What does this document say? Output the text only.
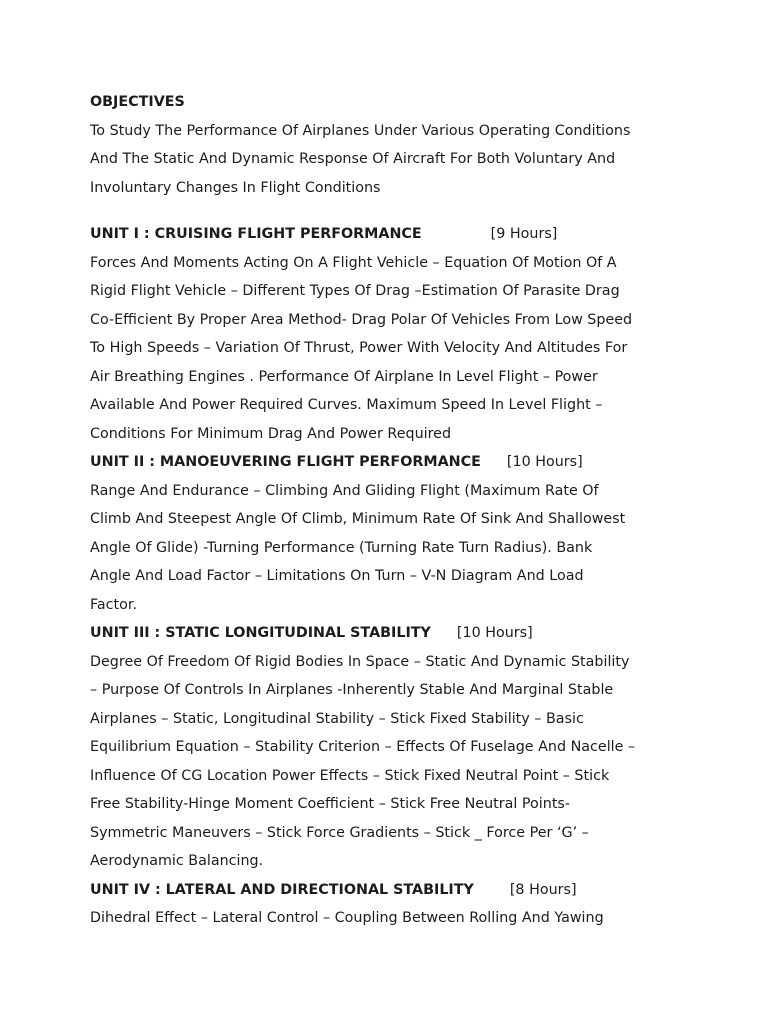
OBJECTIVES
To Study The Performance Of Airplanes Under Various Operating Conditions
And The Static And Dynamic Response Of Aircraft For Both Voluntary And
Involuntary Changes In Flight Conditions
UNIT I : CRUISING FLIGHT PERFORMANCE	[9 Hours]
Forces And Moments Acting On A Flight Vehicle – Equation Of Motion Of A
Rigid Flight Vehicle – Different Types Of Drag –Estimation Of Parasite Drag
Co-Efficient By Proper Area Method- Drag Polar Of Vehicles From Low Speed
To High Speeds – Variation Of Thrust, Power With Velocity And Altitudes For
Air Breathing Engines . Performance Of Airplane In Level Flight – Power
Available And Power Required Curves. Maximum Speed In Level Flight –
Conditions For Minimum Drag And Power Required
UNIT II : MANOEUVERING FLIGHT PERFORMANCE [10 Hours]
Range And Endurance – Climbing And Gliding Flight (Maximum Rate Of
Climb And Steepest Angle Of Climb, Minimum Rate Of Sink And Shallowest
Angle Of Glide) -Turning Performance (Turning Rate Turn Radius). Bank
Angle And Load Factor – Limitations On Turn – V-N Diagram And Load
Factor.
UNIT III : STATIC LONGITUDINAL STABILITY [10 Hours]
Degree Of Freedom Of Rigid Bodies In Space – Static And Dynamic Stability
– Purpose Of Controls In Airplanes -Inherently Stable And Marginal Stable
Airplanes – Static, Longitudinal Stability – Stick Fixed Stability – Basic
Equilibrium Equation – Stability Criterion – Effects Of Fuselage And Nacelle –
Influence Of CG Location Power Effects – Stick Fixed Neutral Point – Stick
Free Stability-Hinge Moment Coefficient – Stick Free Neutral Points-
Symmetric Maneuvers – Stick Force Gradients – Stick _ Force Per ‘G’ –
Aerodynamic Balancing.
UNIT IV : LATERAL AND DIRECTIONAL STABILITY	[8 Hours]
Dihedral Effect – Lateral Control – Coupling Between Rolling And Yawing
